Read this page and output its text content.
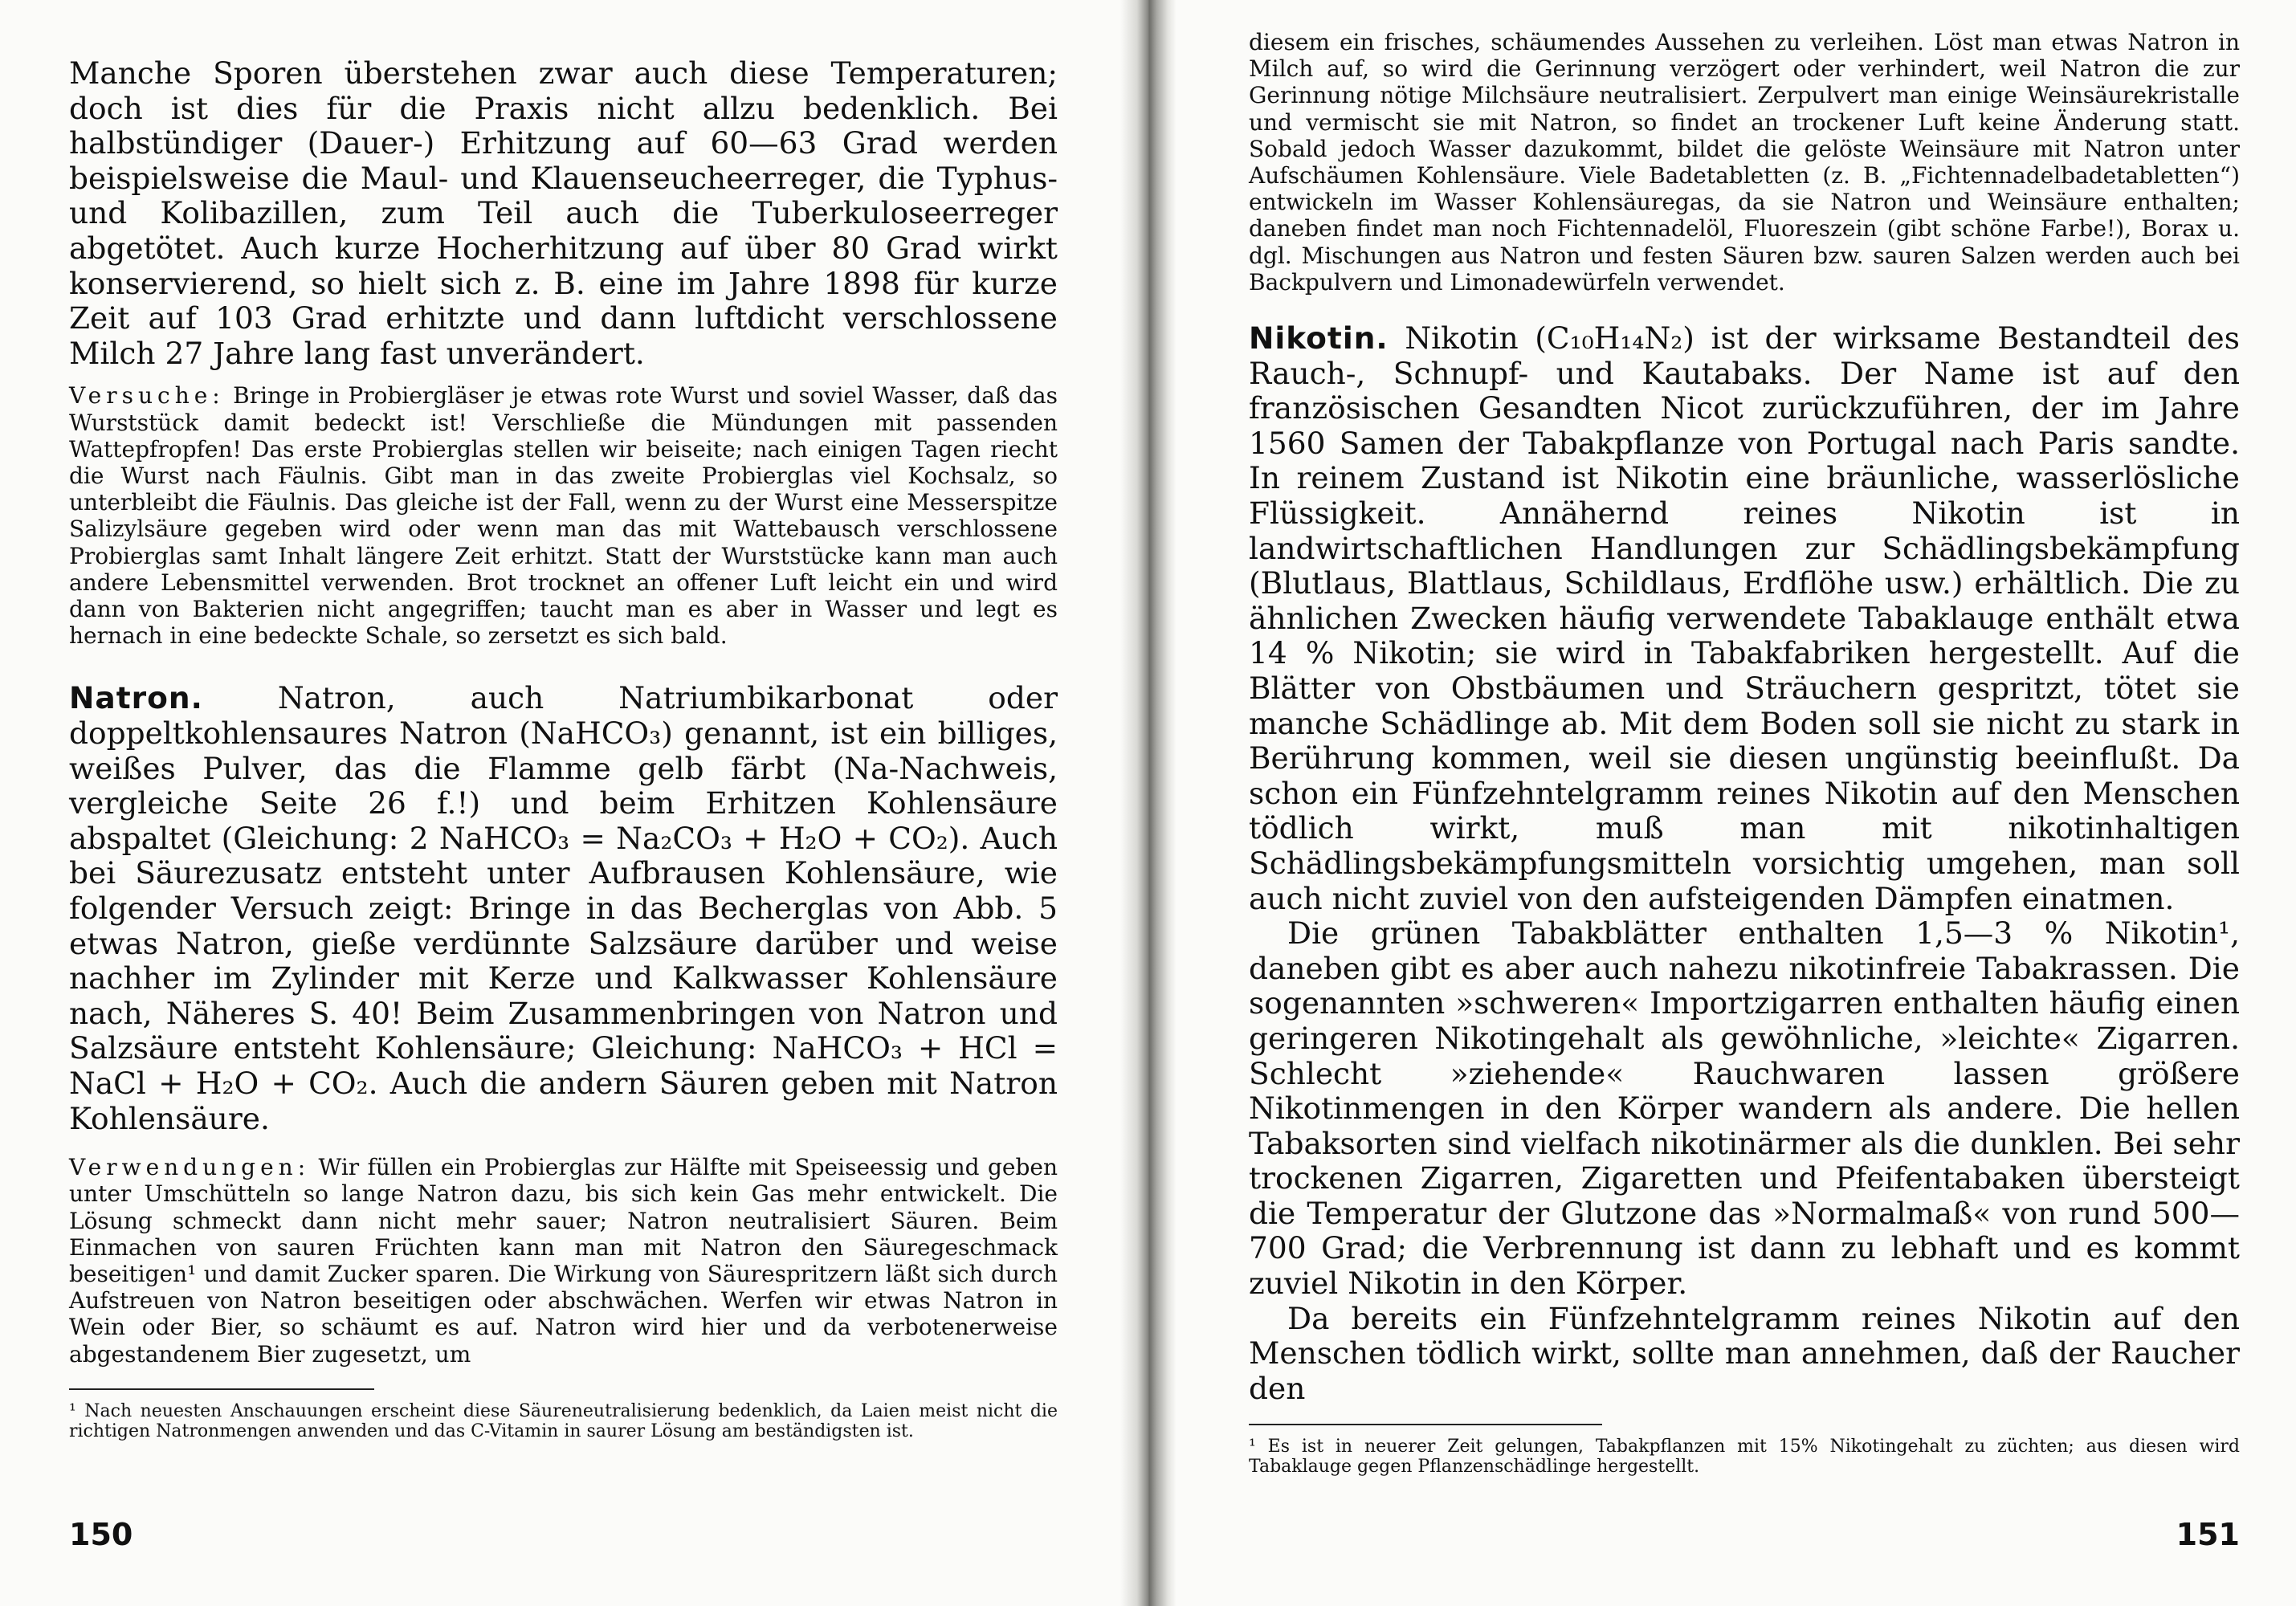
Manche Sporen überstehen zwar auch diese Temperaturen; doch ist dies für die Praxis nicht allzu bedenklich. Bei halbstündiger (Dauer-) Erhitzung auf 60—63 Grad werden beispielsweise die Maul- und Klauenseucheerreger, die Typhus- und Kolibazillen, zum Teil auch die Tuberkuloseerreger abgetötet. Auch kurze Hocherhitzung auf über 80 Grad wirkt konservierend, so hielt sich z. B. eine im Jahre 1898 für kurze Zeit auf 103 Grad erhitzte und dann luftdicht verschlossene Milch 27 Jahre lang fast unverändert.

Versuche: Bringe in Probiergläser je etwas rote Wurst und soviel Wasser, daß das Wurststück damit bedeckt ist! Verschließe die Mündungen mit passenden Wattepfropfen! Das erste Probierglas stellen wir beiseite; nach einigen Tagen riecht die Wurst nach Fäulnis. Gibt man in das zweite Probierglas viel Kochsalz, so unterbleibt die Fäulnis. Das gleiche ist der Fall, wenn zu der Wurst eine Messerspitze Salizylsäure gegeben wird oder wenn man das mit Wattebausch verschlossene Probierglas samt Inhalt längere Zeit erhitzt. Statt der Wurststücke kann man auch andere Lebensmittel verwenden. Brot trocknet an offener Luft leicht ein und wird dann von Bakterien nicht angegriffen; taucht man es aber in Wasser und legt es hernach in eine bedeckte Schale, so zersetzt es sich bald.

Natron. Natron, auch Natriumbikarbonat oder doppeltkohlensaures Natron (NaHCO₃) genannt, ist ein billiges, weißes Pulver, das die Flamme gelb färbt (Na-Nachweis, vergleiche Seite 26 f.!) und beim Erhitzen Kohlensäure abspaltet (Gleichung: 2 NaHCO₃ = Na₂CO₃ + H₂O + CO₂). Auch bei Säurezusatz entsteht unter Aufbrausen Kohlensäure, wie folgender Versuch zeigt: Bringe in das Becherglas von Abb. 5 etwas Natron, gieße verdünnte Salzsäure darüber und weise nachher im Zylinder mit Kerze und Kalkwasser Kohlensäure nach, Näheres S. 40! Beim Zusammenbringen von Natron und Salzsäure entsteht Kohlensäure; Gleichung: NaHCO₃ + HCl = NaCl + H₂O + CO₂. Auch die andern Säuren geben mit Natron Kohlensäure.

Verwendungen: Wir füllen ein Probierglas zur Hälfte mit Speiseessig und geben unter Umschütteln so lange Natron dazu, bis sich kein Gas mehr entwickelt. Die Lösung schmeckt dann nicht mehr sauer; Natron neutralisiert Säuren. Beim Einmachen von sauren Früchten kann man mit Natron den Säuregeschmack beseitigen¹ und damit Zucker sparen. Die Wirkung von Säurespritzern läßt sich durch Aufstreuen von Natron beseitigen oder abschwächen. Werfen wir etwas Natron in Wein oder Bier, so schäumt es auf. Natron wird hier und da verbotenerweise abgestandenem Bier zugesetzt, um

¹ Nach neuesten Anschauungen erscheint diese Säureneutralisierung bedenklich, da Laien meist nicht die richtigen Natronmengen anwenden und das C-Vitamin in saurer Lösung am beständigsten ist.

150

diesem ein frisches, schäumendes Aussehen zu verleihen. Löst man etwas Natron in Milch auf, so wird die Gerinnung verzögert oder verhindert, weil Natron die zur Gerinnung nötige Milchsäure neutralisiert. Zerpulvert man einige Weinsäurekristalle und vermischt sie mit Natron, so findet an trockener Luft keine Änderung statt. Sobald jedoch Wasser dazukommt, bildet die gelöste Weinsäure mit Natron unter Aufschäumen Kohlensäure. Viele Badetabletten (z. B. „Fichtennadelbadetabletten“) entwickeln im Wasser Kohlensäuregas, da sie Natron und Weinsäure enthalten; daneben findet man noch Fichtennadelöl, Fluoreszein (gibt schöne Farbe!), Borax u. dgl. Mischungen aus Natron und festen Säuren bzw. sauren Salzen werden auch bei Backpulvern und Limonadewürfeln verwendet.

Nikotin. Nikotin (C₁₀H₁₄N₂) ist der wirksame Bestandteil des Rauch-, Schnupf- und Kautabaks. Der Name ist auf den französischen Gesandten Nicot zurückzuführen, der im Jahre 1560 Samen der Tabakpflanze von Portugal nach Paris sandte. In reinem Zustand ist Nikotin eine bräunliche, wasserlösliche Flüssigkeit. Annähernd reines Nikotin ist in landwirtschaftlichen Handlungen zur Schädlingsbekämpfung (Blutlaus, Blattlaus, Schildlaus, Erdflöhe usw.) erhältlich. Die zu ähnlichen Zwecken häufig verwendete Tabaklauge enthält etwa 14 % Nikotin; sie wird in Tabakfabriken hergestellt. Auf die Blätter von Obstbäumen und Sträuchern gespritzt, tötet sie manche Schädlinge ab. Mit dem Boden soll sie nicht zu stark in Berührung kommen, weil sie diesen ungünstig beeinflußt. Da schon ein Fünfzehntelgramm reines Nikotin auf den Menschen tödlich wirkt, muß man mit nikotinhaltigen Schädlingsbekämpfungsmitteln vorsichtig umgehen, man soll auch nicht zuviel von den aufsteigenden Dämpfen einatmen.

Die grünen Tabakblätter enthalten 1,5—3 % Nikotin¹, daneben gibt es aber auch nahezu nikotinfreie Tabakrassen. Die sogenannten »schweren« Importzigarren enthalten häufig einen geringeren Nikotingehalt als gewöhnliche, »leichte« Zigarren. Schlecht »ziehende« Rauchwaren lassen größere Nikotinmengen in den Körper wandern als andere. Die hellen Tabaksorten sind vielfach nikotinärmer als die dunklen. Bei sehr trockenen Zigarren, Zigaretten und Pfeifentabaken übersteigt die Temperatur der Glutzone das »Normalmaß« von rund 500—700 Grad; die Verbrennung ist dann zu lebhaft und es kommt zuviel Nikotin in den Körper.

Da bereits ein Fünfzehntelgramm reines Nikotin auf den Menschen tödlich wirkt, sollte man annehmen, daß der Raucher den

¹ Es ist in neuerer Zeit gelungen, Tabakpflanzen mit 15% Nikotingehalt zu züchten; aus diesen wird Tabaklauge gegen Pflanzenschädlinge hergestellt.

151
